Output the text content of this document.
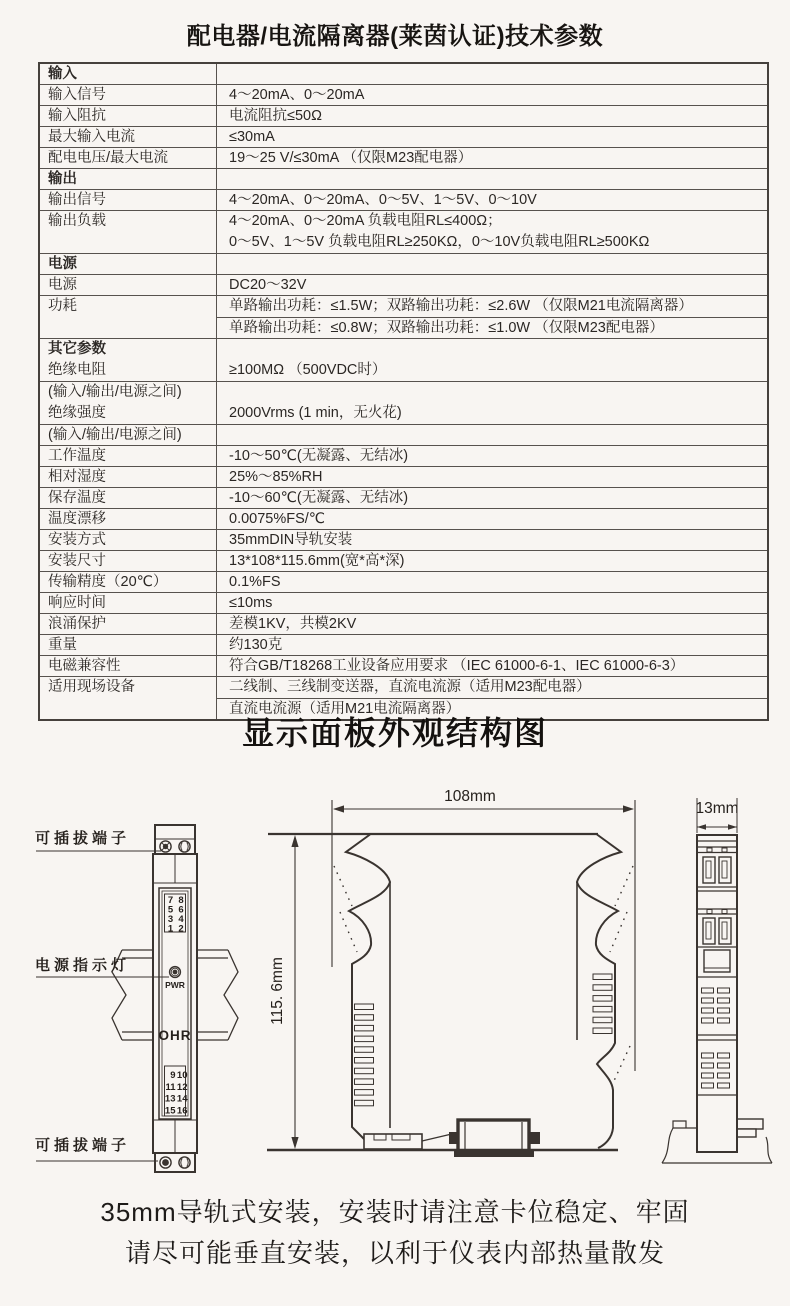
配电器/电流隔离器(莱茵认证)技术参数
输入
输入信号	4～20mA、0～20mA
输入阻抗	电流阻抗≤50Ω
最大输入电流	≤30mA
配电电压/最大电流	19～25 V/≤30mA （仅限M23配电器）
输出
输出信号	4～20mA、0～20mA、0～5V、1～5V、0～10V
输出负载	4～20mA、0～20mA 负载电阻RL≤400Ω；
0～5V、1～5V 负载电阻RL≥250KΩ，0～10V负载电阻RL≥500KΩ
电源
电源	DC20～32V
功耗	单路输出功耗：≤1.5W；双路输出功耗：≤2.6W （仅限M21电流隔离器）
单路输出功耗：≤0.8W；双路输出功耗：≤1.0W （仅限M23配电器）
其它参数
绝缘电阻	≥100MΩ （500VDC时）
(输入/输出/电源之间)
绝缘强度	2000Vrms (1 min，无火花)
(输入/输出/电源之间)
工作温度	-10～50℃(无凝露、无结冰)
相对湿度	25%～85%RH
保存温度	-10～60℃(无凝露、无结冰)
温度漂移	0.0075%FS/℃
安装方式	35mmDIN导轨安装
安装尺寸	13*108*115.6mm(宽*高*深)
传输精度（20℃）	0.1%FS
响应时间	≤10ms
浪涌保护	差模1KV，共模2KV
重量	约130克
电磁兼容性	符合GB/T18268工业设备应用要求 （IEC 61000-6-1、IEC 61000-6-3）
适用现场设备	二线制、三线制变送器，直流电流源（适用M23配电器）
直流电流源（适用M21电流隔离器）
显示面板外观结构图
7 8
5 6
3 4
1 2
PWR
OHR
9 10
11 12
13 14
15 16
可插拔端子
电源指示灯
可插拔端子
108mm
115. 6mm
13mm
35mm导轨式安装，安装时请注意卡位稳定、牢固
请尽可能垂直安装，以利于仪表内部热量散发
